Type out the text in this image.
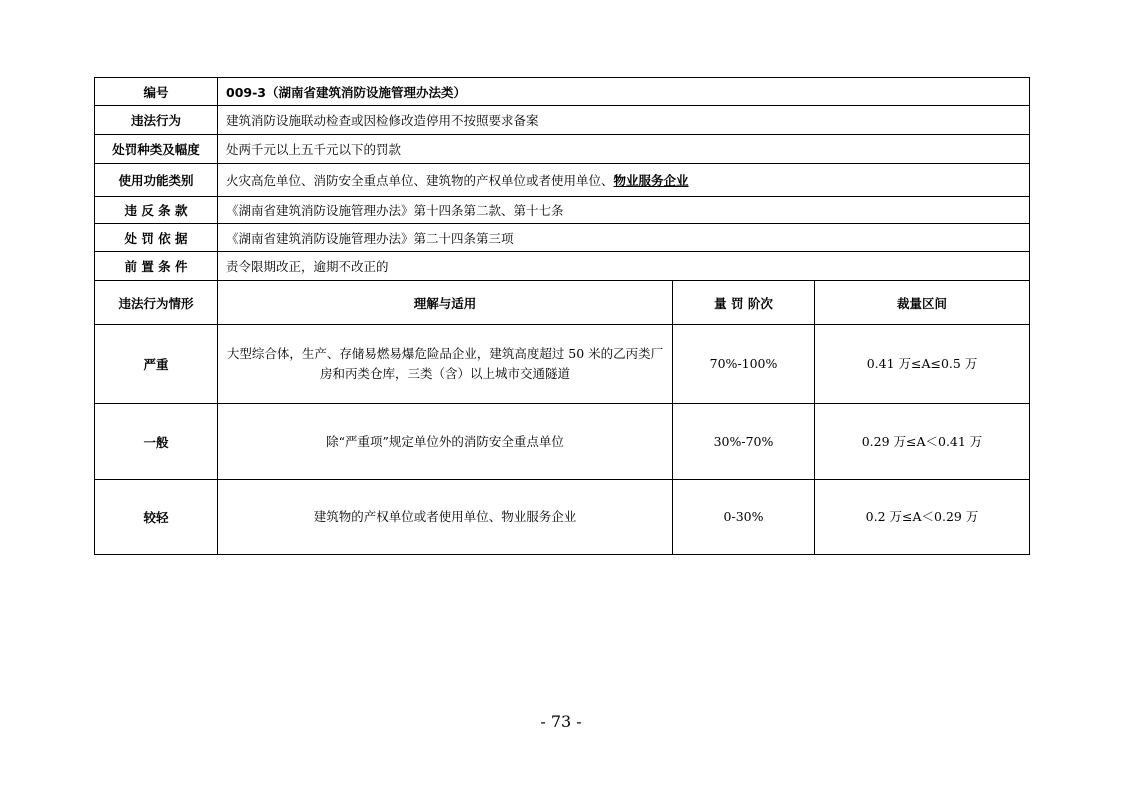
编号	009-3（湖南省建筑消防设施管理办法类）		
违法行为	建筑消防设施联动检查或因检修改造停用不按照要求备案		
处罚种类及幅度	处两千元以上五千元以下的罚款		
使用功能类别	火灾高危单位、消防安全重点单位、建筑物的产权单位或者使用单位、物业服务企业		
违 反 条 款	《湖南省建筑消防设施管理办法》第十四条第二款、第十七条		
处 罚 依 据	《湖南省建筑消防设施管理办法》第二十四条第三项		
前 置 条 件	责令限期改正，逾期不改正的		
违法行为情形	理解与适用	量 罚 阶次	裁量区间
严重	大型综合体，生产、存储易燃易爆危险品企业，建筑高度超过 50 米的乙丙类厂房和丙类仓库，三类（含）以上城市交通隧道	70%-100%	0.41 万≤A≤0.5 万
一般	除“严重项”规定单位外的消防安全重点单位	30%-70%	0.29 万≤A＜0.41 万
较轻	建筑物的产权单位或者使用单位、物业服务企业	0-30%	0.2 万≤A＜0.29 万
- 73 -
